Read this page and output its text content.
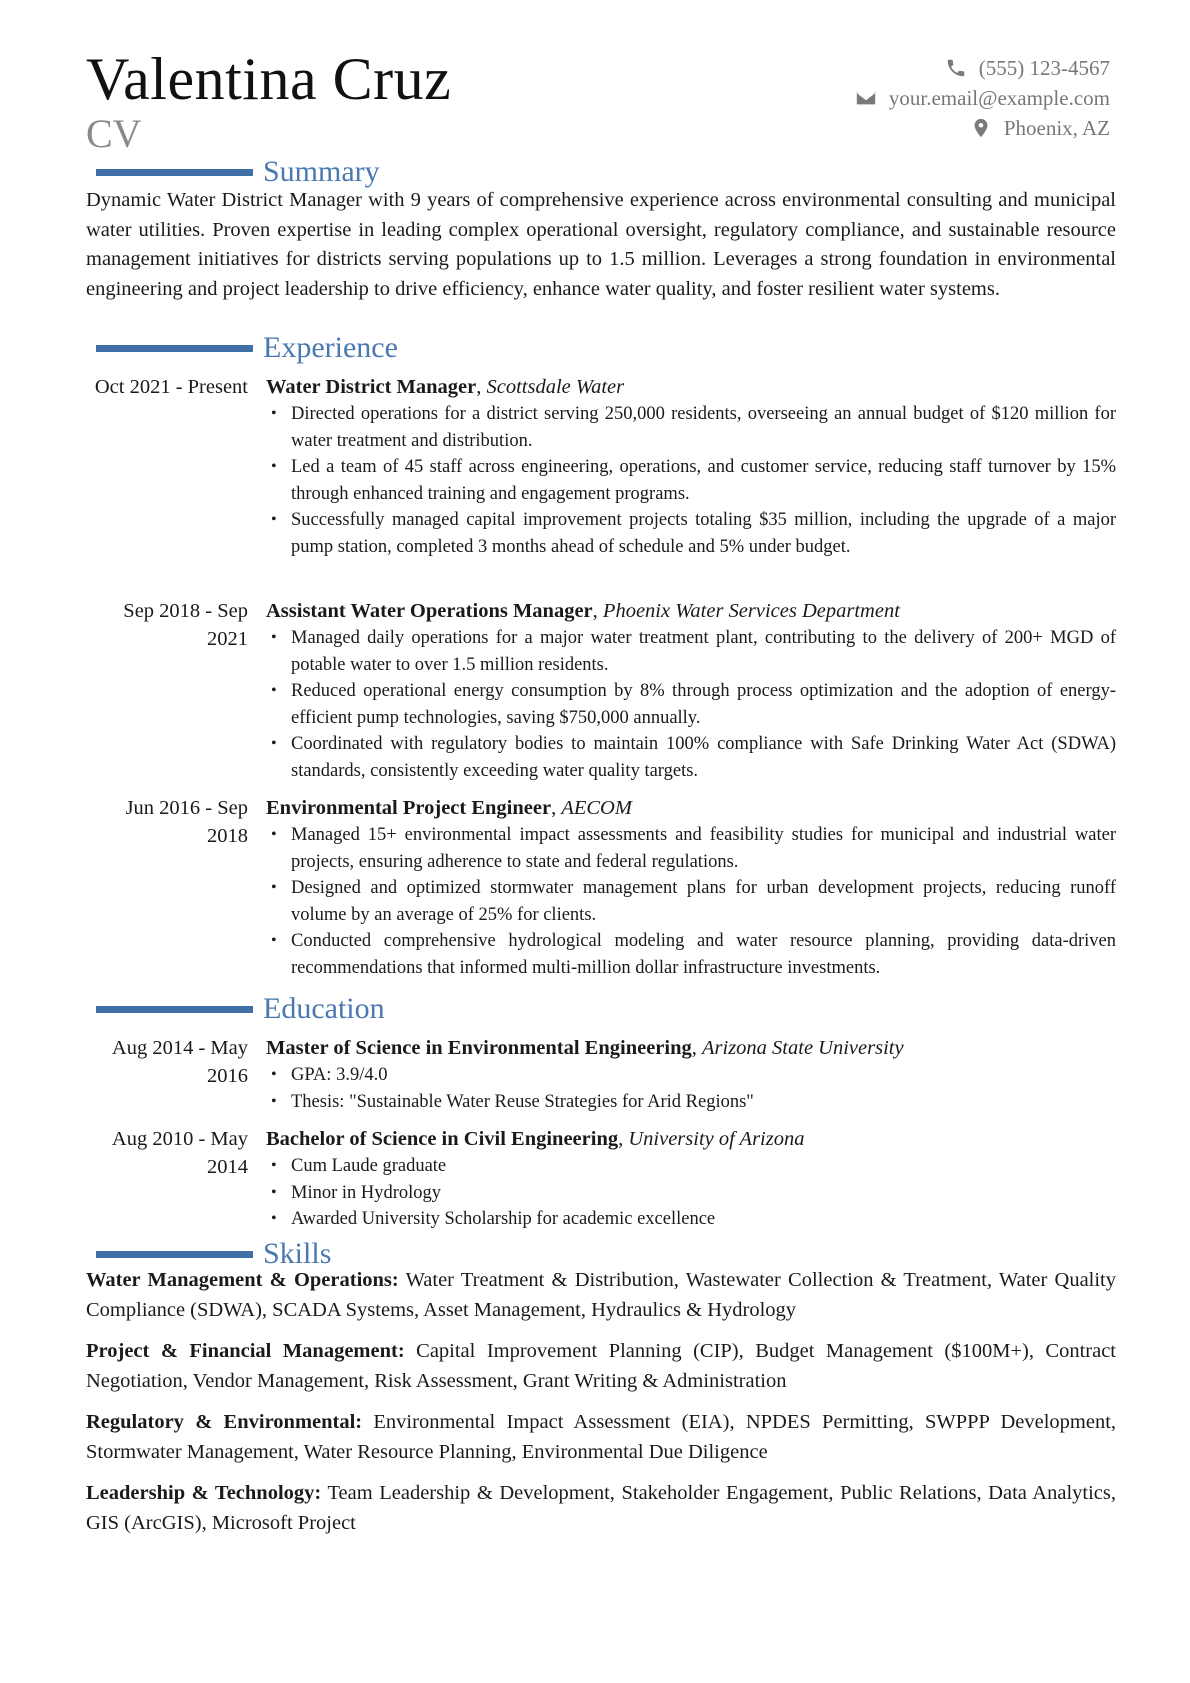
Valentina Cruz
CV
(555) 123-4567
your.email@example.com
Phoenix, AZ
Summary
Dynamic Water District Manager with 9 years of comprehensive experience across environmental consulting and municipal water utilities. Proven expertise in leading complex operational oversight, regulatory compliance, and sustainable resource management initiatives for districts serving populations up to 1.5 million. Leverages a strong foundation in environmental engineering and project leadership to drive efficiency, enhance water quality, and foster resilient water systems.
Experience
Oct 2021 - Present Water District Manager, Scottsdale Water
• Directed operations for a district serving 250,000 residents, overseeing an annual budget of $120 million for water treatment and distribution.
• Led a team of 45 staff across engineering, operations, and customer service, reducing staff turnover by 15% through enhanced training and engagement programs.
• Successfully managed capital improvement projects totaling $35 million, including the upgrade of a major pump station, completed 3 months ahead of schedule and 5% under budget.
Sep 2018 - Sep 2021
Assistant Water Operations Manager, Phoenix Water Services Department
• Managed daily operations for a major water treatment plant, contributing to the delivery of 200+ MGD of potable water to over 1.5 million residents.
• Reduced operational energy consumption by 8% through process optimization and the adoption of energy-efficient pump technologies, saving $750,000 annually.
• Coordinated with regulatory bodies to maintain 100% compliance with Safe Drinking Water Act (SDWA) standards, consistently exceeding water quality targets.
Jun 2016 - Sep 2018
Environmental Project Engineer, AECOM
• Managed 15+ environmental impact assessments and feasibility studies for municipal and industrial water projects, ensuring adherence to state and federal regulations.
• Designed and optimized stormwater management plans for urban development projects, reducing runoff volume by an average of 25% for clients.
• Conducted comprehensive hydrological modeling and water resource planning, providing data-driven recommendations that informed multi-million dollar infrastructure investments.
Education
Aug 2014 - May 2016
Master of Science in Environmental Engineering, Arizona State University
• GPA: 3.9/4.0
• Thesis: "Sustainable Water Reuse Strategies for Arid Regions"
Aug 2010 - May 2014
Bachelor of Science in Civil Engineering, University of Arizona
• Cum Laude graduate
• Minor in Hydrology
• Awarded University Scholarship for academic excellence
Skills
Water Management & Operations: Water Treatment & Distribution, Wastewater Collection & Treatment, Water Quality Compliance (SDWA), SCADA Systems, Asset Management, Hydraulics & Hydrology
Project & Financial Management: Capital Improvement Planning (CIP), Budget Management ($100M+), Contract Negotiation, Vendor Management, Risk Assessment, Grant Writing & Administration
Regulatory & Environmental: Environmental Impact Assessment (EIA), NPDES Permitting, SWPPP Development, Stormwater Management, Water Resource Planning, Environmental Due Diligence
Leadership & Technology: Team Leadership & Development, Stakeholder Engagement, Public Relations, Data Analytics, GIS (ArcGIS), Microsoft Project
